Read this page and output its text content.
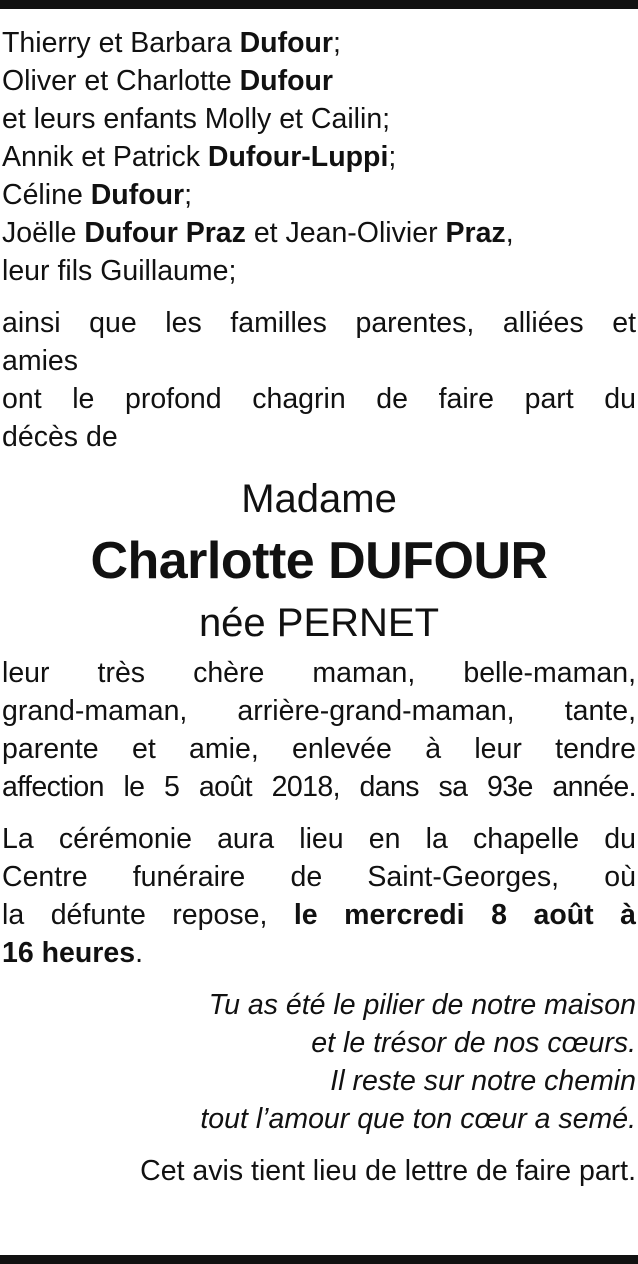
Thierry et Barbara Dufour;
Oliver et Charlotte Dufour
et leurs enfants Molly et Cailin;
Annik et Patrick Dufour-Luppi;
Céline Dufour;
Joëlle Dufour Praz et Jean-Olivier Praz,
leur fils Guillaume;
ainsi que les familles parentes, alliées et
amies
ont le profond chagrin de faire part du
décès de
Madame
Charlotte DUFOUR
née PERNET
leur très chère maman, belle-maman,
grand-maman, arrière-grand-maman, tante,
parente et amie, enlevée à leur tendre
affection le 5 août 2018, dans sa 93e année.
La cérémonie aura lieu en la chapelle du
Centre funéraire de Saint-Georges, où
la défunte repose, le mercredi 8 août à
16 heures.
Tu as été le pilier de notre maison
et le trésor de nos cœurs.
Il reste sur notre chemin
tout l’amour que ton cœur a semé.
Cet avis tient lieu de lettre de faire part.
